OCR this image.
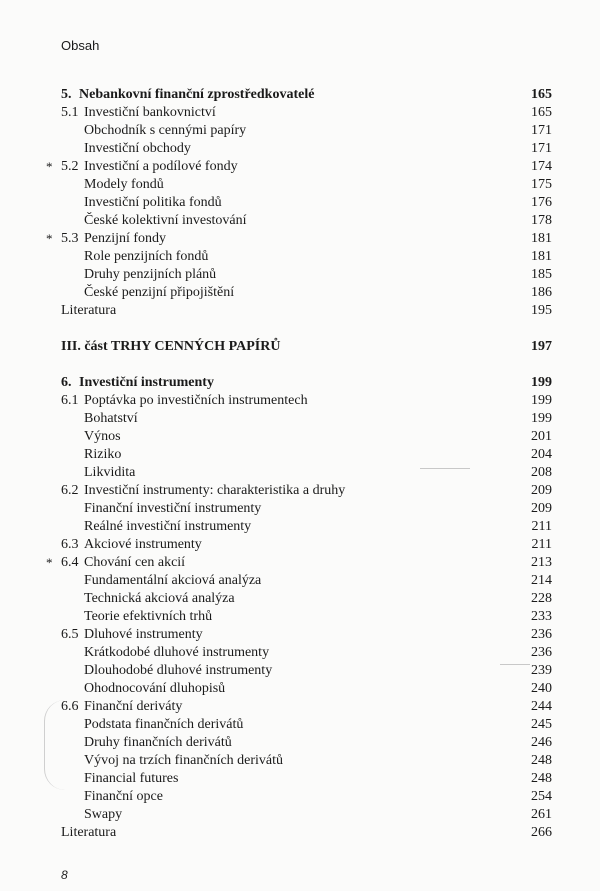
Obsah
5. Nebankovní finanční zprostředkovatelé	165
5.1 Investiční bankovnictví	165
Obchodník s cennými papíry	171
Investiční obchody	171
* 5.2 Investiční a podílové fondy	174
Modely fondů	175
Investiční politika fondů	176
České kolektivní investování	178
* 5.3 Penzijní fondy	181
Role penzijních fondů	181
Druhy penzijních plánů	185
České penzijní připojištění	186
Literatura	195
III. část TRHY CENNÝCH PAPÍRŮ	197
6. Investiční instrumenty	199
6.1 Poptávka po investičních instrumentech	199
Bohatství	199
Výnos	201
Riziko	204
Likvidita	208
6.2 Investiční instrumenty: charakteristika a druhy	209
Finanční investiční instrumenty	209
Reálné investiční instrumenty	211
6.3 Akciové instrumenty	211
* 6.4 Chování cen akcií	213
Fundamentální akciová analýza	214
Technická akciová analýza	228
Teorie efektivních trhů	233
6.5 Dluhové instrumenty	236
Krátkodobé dluhové instrumenty	236
Dlouhodobé dluhové instrumenty	239
Ohodnocování dluhopisů	240
6.6 Finanční deriváty	244
Podstata finančních derivátů	245
Druhy finančních derivátů	246
Vývoj na trzích finančních derivátů	248
Financial futures	248
Finanční opce	254
Swapy	261
Literatura	266
8
